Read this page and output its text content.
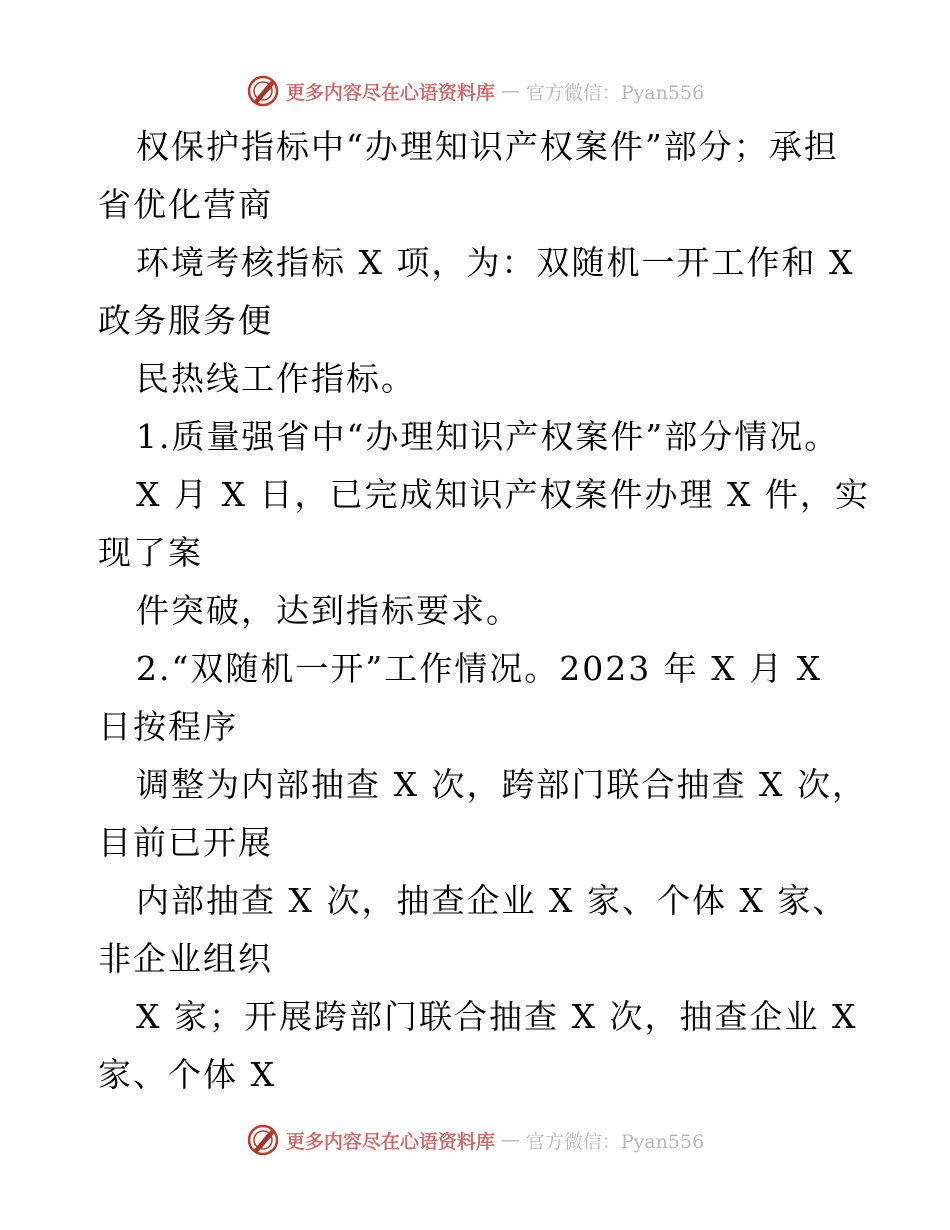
更多内容尽在心语资料库 — 官方微信：Pyan556
权保护指标中“办理知识产权案件”部分；承担
省优化营商
环境考核指标 X 项，为：双随机一开工作和 X
政务服务便
民热线工作指标。
1.质量强省中“办理知识产权案件”部分情况。
X 月 X 日，已完成知识产权案件办理 X 件，实
现了案
件突破，达到指标要求。
2.“双随机一开”工作情况。2023 年 X 月 X
日按程序
调整为内部抽查 X 次，跨部门联合抽查 X 次，
目前已开展
内部抽查 X 次，抽查企业 X 家、个体 X 家、
非企业组织
X 家；开展跨部门联合抽查 X 次，抽查企业 X
家、个体 X
更多内容尽在心语资料库 — 官方微信：Pyan556
